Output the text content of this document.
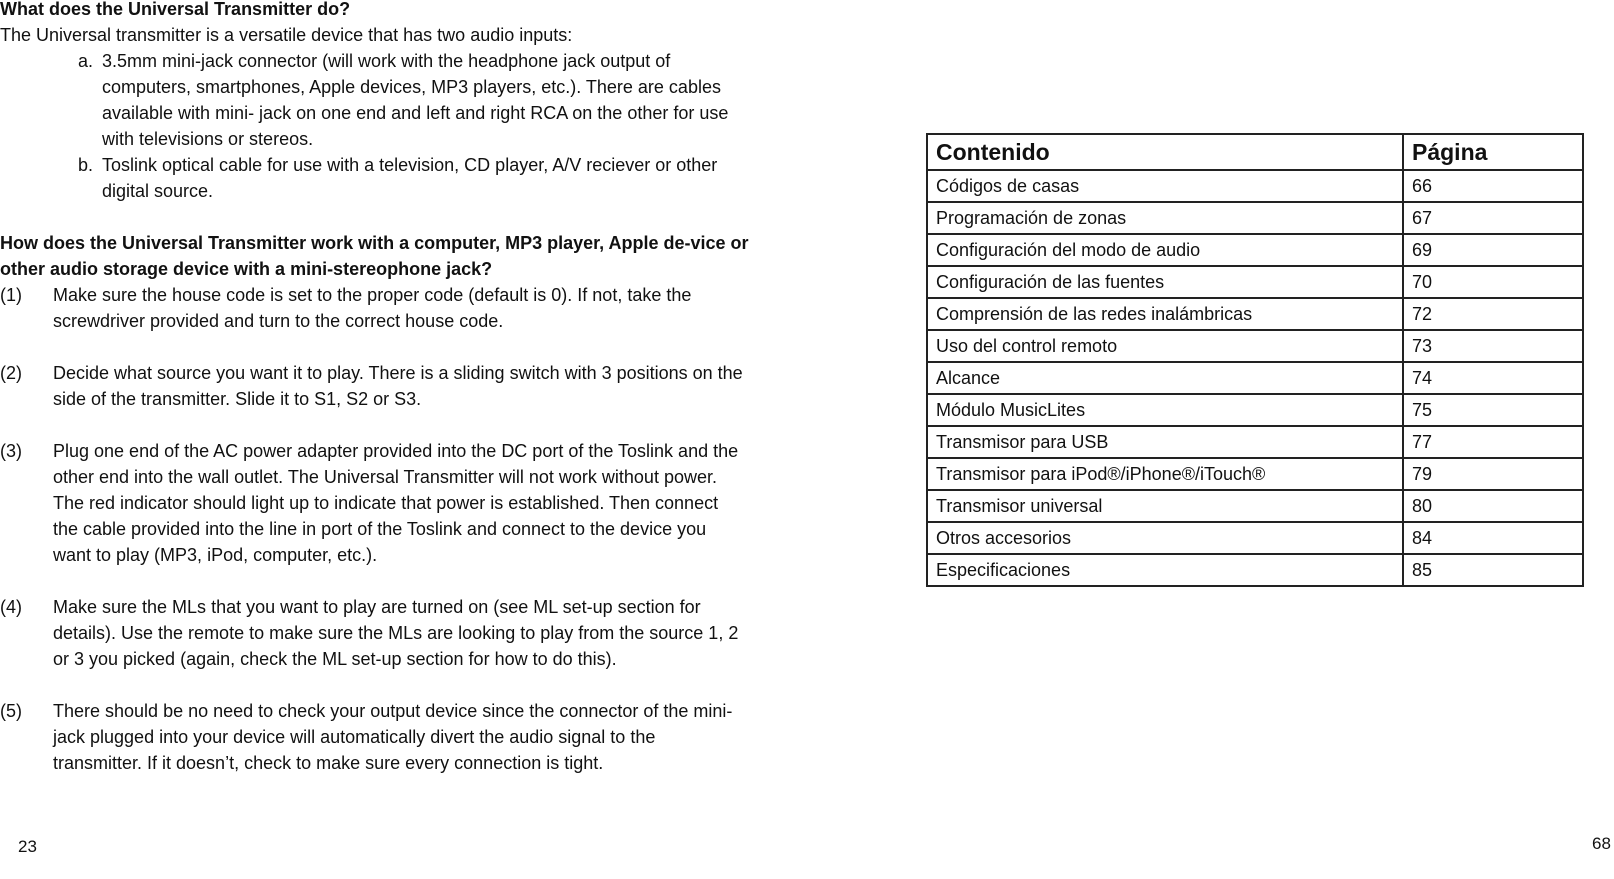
What does the Universal Transmitter do?

The Universal transmitter is a versatile device that has two audio inputs:

a. 3.5mm mini-jack connector (will work with the headphone jack output of computers, smartphones, Apple devices, MP3 players, etc.). There are cables available with mini- jack on one end and left and right RCA on the other for use with televisions or stereos.
b. Toslink optical cable for use with a television, CD player, A/V reciever or other digital source.

How does the Universal Transmitter work with a computer, MP3 player, Apple de-vice or other audio storage device with a mini-stereophone jack?

(1)	Make sure the house code is set to the proper code (default is 0). If not, take the screwdriver provided and turn to the correct house code.
(2)	Decide what source you want it to play. There is a sliding switch with 3 positions on the side of the transmitter. Slide it to S1, S2 or S3.
(3)	Plug one end of the AC power adapter provided into the DC port of the Toslink and the other end into the wall outlet. The Universal Transmitter will not work without power. The red indicator should light up to indicate that power is established. Then connect the cable provided into the line in port of the Toslink and connect to the device you want to play (MP3, iPod, computer, etc.).
(4)	Make sure the MLs that you want to play are turned on (see ML set-up section for details). Use the remote to make sure the MLs are looking to play from the source 1, 2 or 3 you picked (again, check the ML set-up section for how to do this).
(5)	There should be no need to check your output device since the connector of the mini-jack plugged into your device will automatically divert the audio signal to the transmitter. If it doesn’t, check to make sure every connection is tight.
23
Contenido	Página
Códigos de casas	66
Programación de zonas	67
Configuración del modo de audio	69
Configuración de las fuentes	70
Comprensión de las redes inalámbricas	72
Uso del control remoto	73
Alcance	74
Módulo MusicLites	75
Transmisor para USB	77
Transmisor para iPod®/iPhone®/iTouch®	79
Transmisor universal	80
Otros accesorios	84
Especificaciones	85
68
